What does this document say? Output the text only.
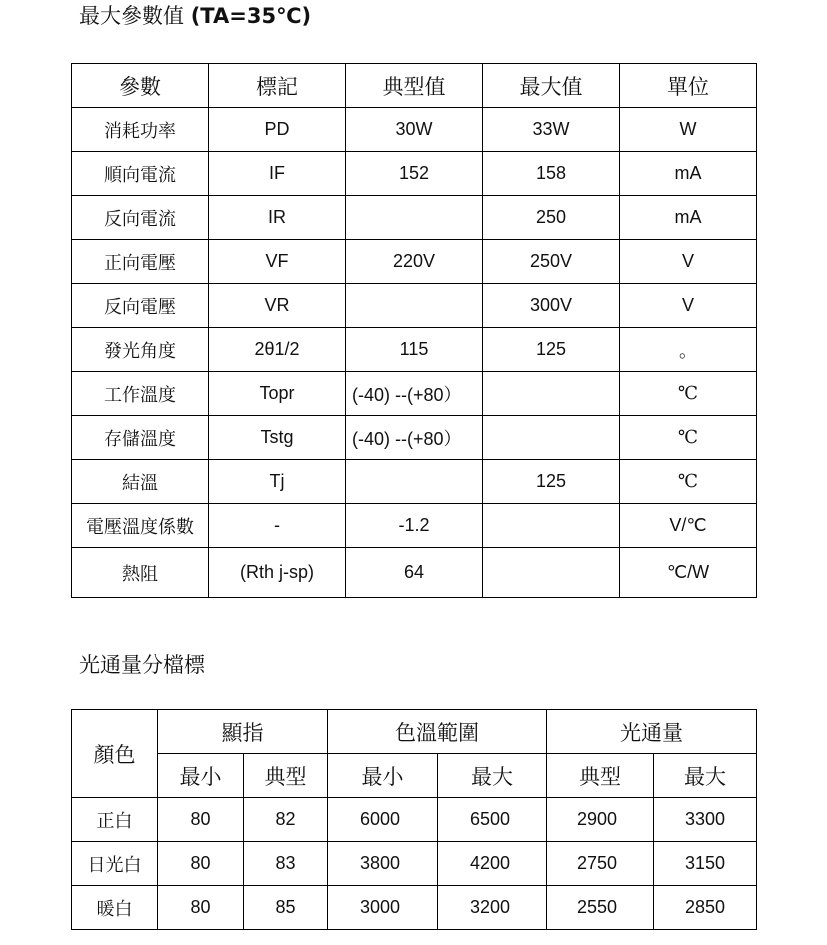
最大參數值 (TA=35℃)
參數	標記	典型值	最大值	單位
消耗功率	PD	30W	33W	W
順向電流	IF	152	158	mA
反向電流	IR		250	mA
正向電壓	VF	220V	250V	V
反向電壓	VR		300V	V
發光角度	2θ1/2	115	125	。
工作溫度	Topr	(-40) --(+80）		℃
存儲溫度	Tstg	(-40) --(+80）		℃
結溫	Tj		125	℃
電壓溫度係數	-	-1.2		V/℃
熱阻	(Rth j-sp)	64		℃/W
光通量分檔標
顏色	顯指		色溫範圍		光通量	
	最小	典型	最小	最大	典型	最大
正白	80	82	6000	6500	2900	3300
日光白	80	83	3800	4200	2750	3150
暖白	80	85	3000	3200	2550	2850
